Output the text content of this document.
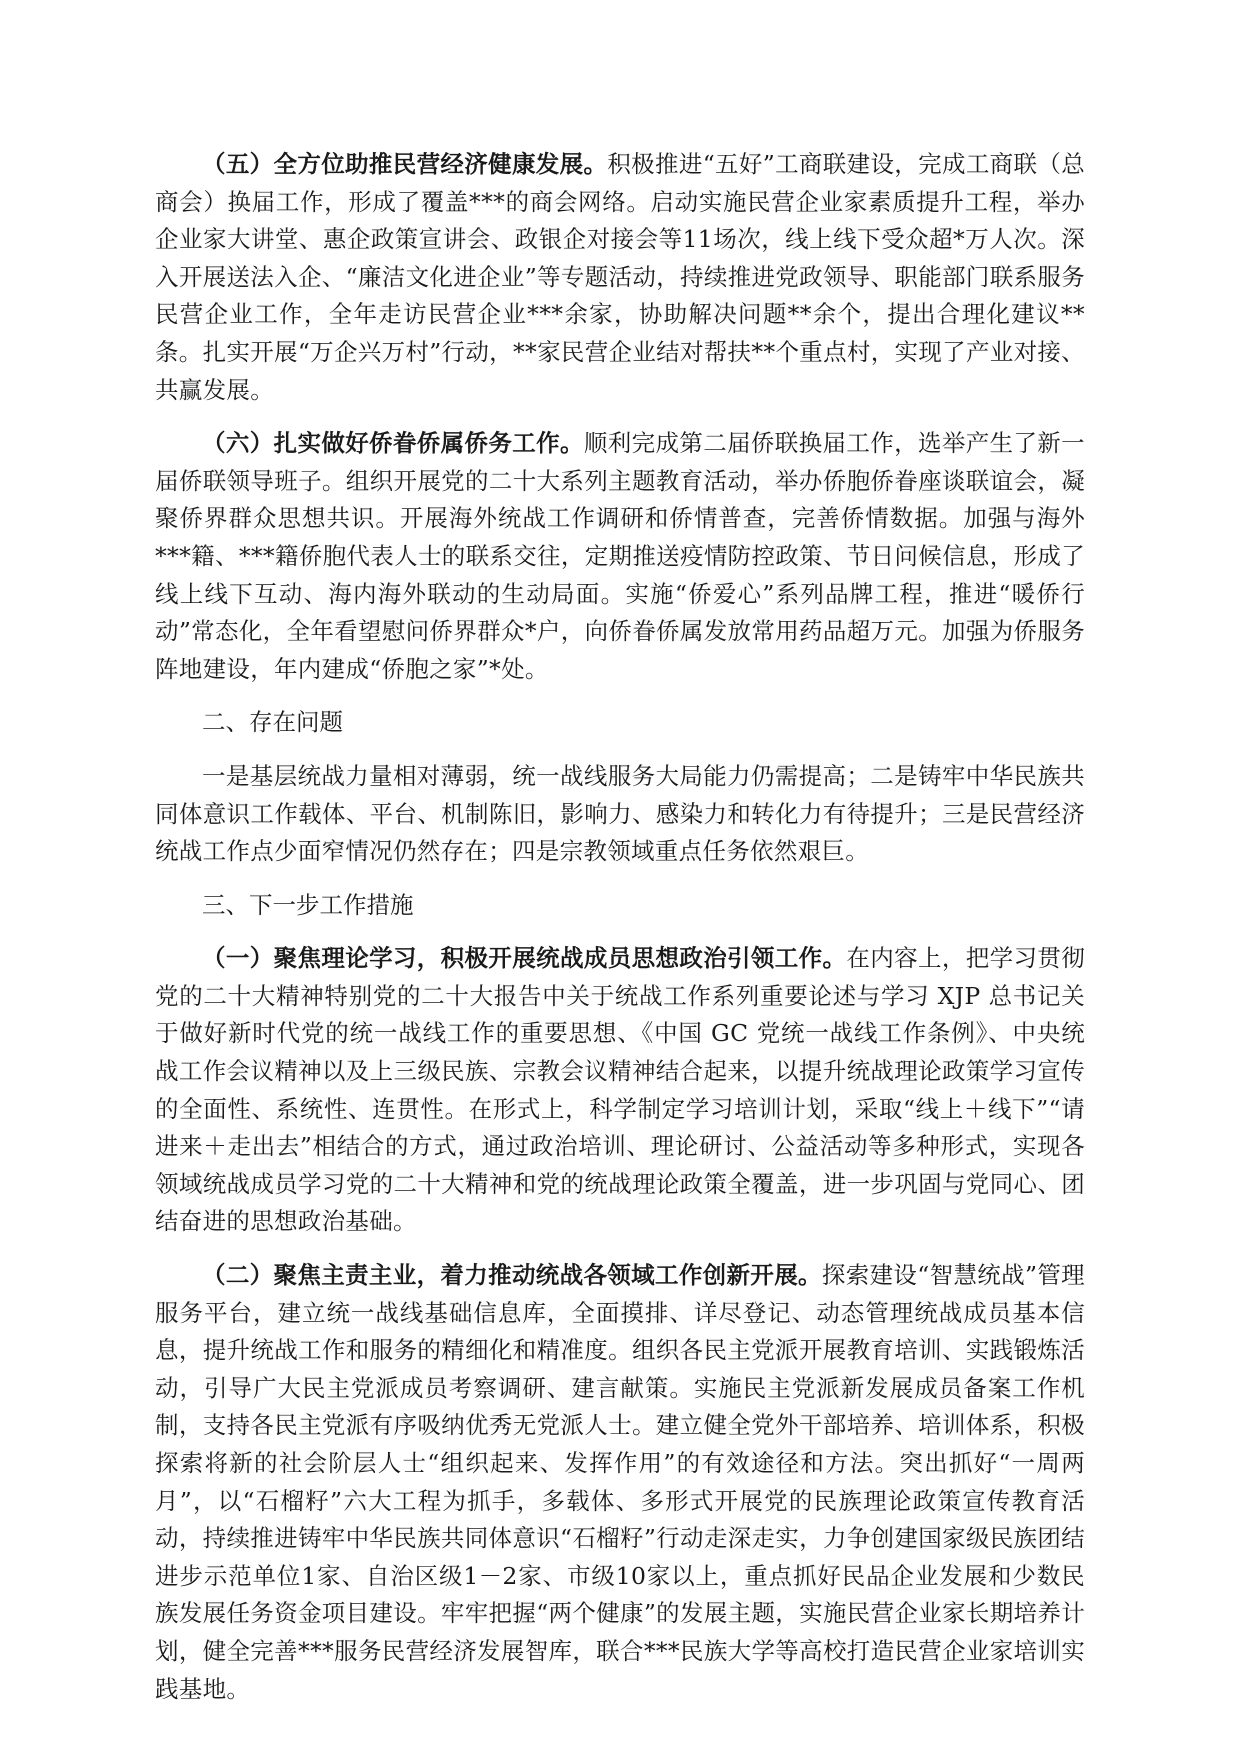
（五）全方位助推民营经济健康发展。积极推进“五好”工商联建设，完成工商联（总商会）换届工作，形成了覆盖***的商会网络。启动实施民营企业家素质提升工程，举办企业家大讲堂、惠企政策宣讲会、政银企对接会等11场次，线上线下受众超*万人次。深入开展送法入企、“廉洁文化进企业”等专题活动，持续推进党政领导、职能部门联系服务民营企业工作，全年走访民营企业***余家，协助解决问题**余个，提出合理化建议**条。扎实开展“万企兴万村”行动，**家民营企业结对帮扶**个重点村，实现了产业对接、共赢发展。

（六）扎实做好侨眷侨属侨务工作。顺利完成第二届侨联换届工作，选举产生了新一届侨联领导班子。组织开展党的二十大系列主题教育活动，举办侨胞侨眷座谈联谊会，凝聚侨界群众思想共识。开展海外统战工作调研和侨情普查，完善侨情数据。加强与海外***籍、***籍侨胞代表人士的联系交往，定期推送疫情防控政策、节日问候信息，形成了线上线下互动、海内海外联动的生动局面。实施“侨爱心”系列品牌工程，推进“暖侨行动”常态化，全年看望慰问侨界群众*户，向侨眷侨属发放常用药品超万元。加强为侨服务阵地建设，年内建成“侨胞之家”*处。

二、存在问题

一是基层统战力量相对薄弱，统一战线服务大局能力仍需提高；二是铸牢中华民族共同体意识工作载体、平台、机制陈旧，影响力、感染力和转化力有待提升；三是民营经济统战工作点少面窄情况仍然存在；四是宗教领域重点任务依然艰巨。

三、下一步工作措施

（一）聚焦理论学习，积极开展统战成员思想政治引领工作。在内容上，把学习贯彻党的二十大精神特别党的二十大报告中关于统战工作系列重要论述与学习 XJP 总书记关于做好新时代党的统一战线工作的重要思想、《中国 GC 党统一战线工作条例》、中央统战工作会议精神以及上三级民族、宗教会议精神结合起来，以提升统战理论政策学习宣传的全面性、系统性、连贯性。在形式上，科学制定学习培训计划，采取“线上＋线下”“请进来＋走出去”相结合的方式，通过政治培训、理论研讨、公益活动等多种形式，实现各领域统战成员学习党的二十大精神和党的统战理论政策全覆盖，进一步巩固与党同心、团结奋进的思想政治基础。

（二）聚焦主责主业，着力推动统战各领域工作创新开展。探索建设“智慧统战”管理服务平台，建立统一战线基础信息库，全面摸排、详尽登记、动态管理统战成员基本信息，提升统战工作和服务的精细化和精准度。组织各民主党派开展教育培训、实践锻炼活动，引导广大民主党派成员考察调研、建言献策。实施民主党派新发展成员备案工作机制，支持各民主党派有序吸纳优秀无党派人士。建立健全党外干部培养、培训体系，积极探索将新的社会阶层人士“组织起来、发挥作用”的有效途径和方法。突出抓好“一周两月”，以“石榴籽”六大工程为抓手，多载体、多形式开展党的民族理论政策宣传教育活动，持续推进铸牢中华民族共同体意识“石榴籽”行动走深走实，力争创建国家级民族团结进步示范单位1家、自治区级1－2家、市级10家以上，重点抓好民品企业发展和少数民族发展任务资金项目建设。牢牢把握“两个健康”的发展主题，实施民营企业家长期培养计划，健全完善***服务民营经济发展智库，联合***民族大学等高校打造民营企业家培训实践基地。
